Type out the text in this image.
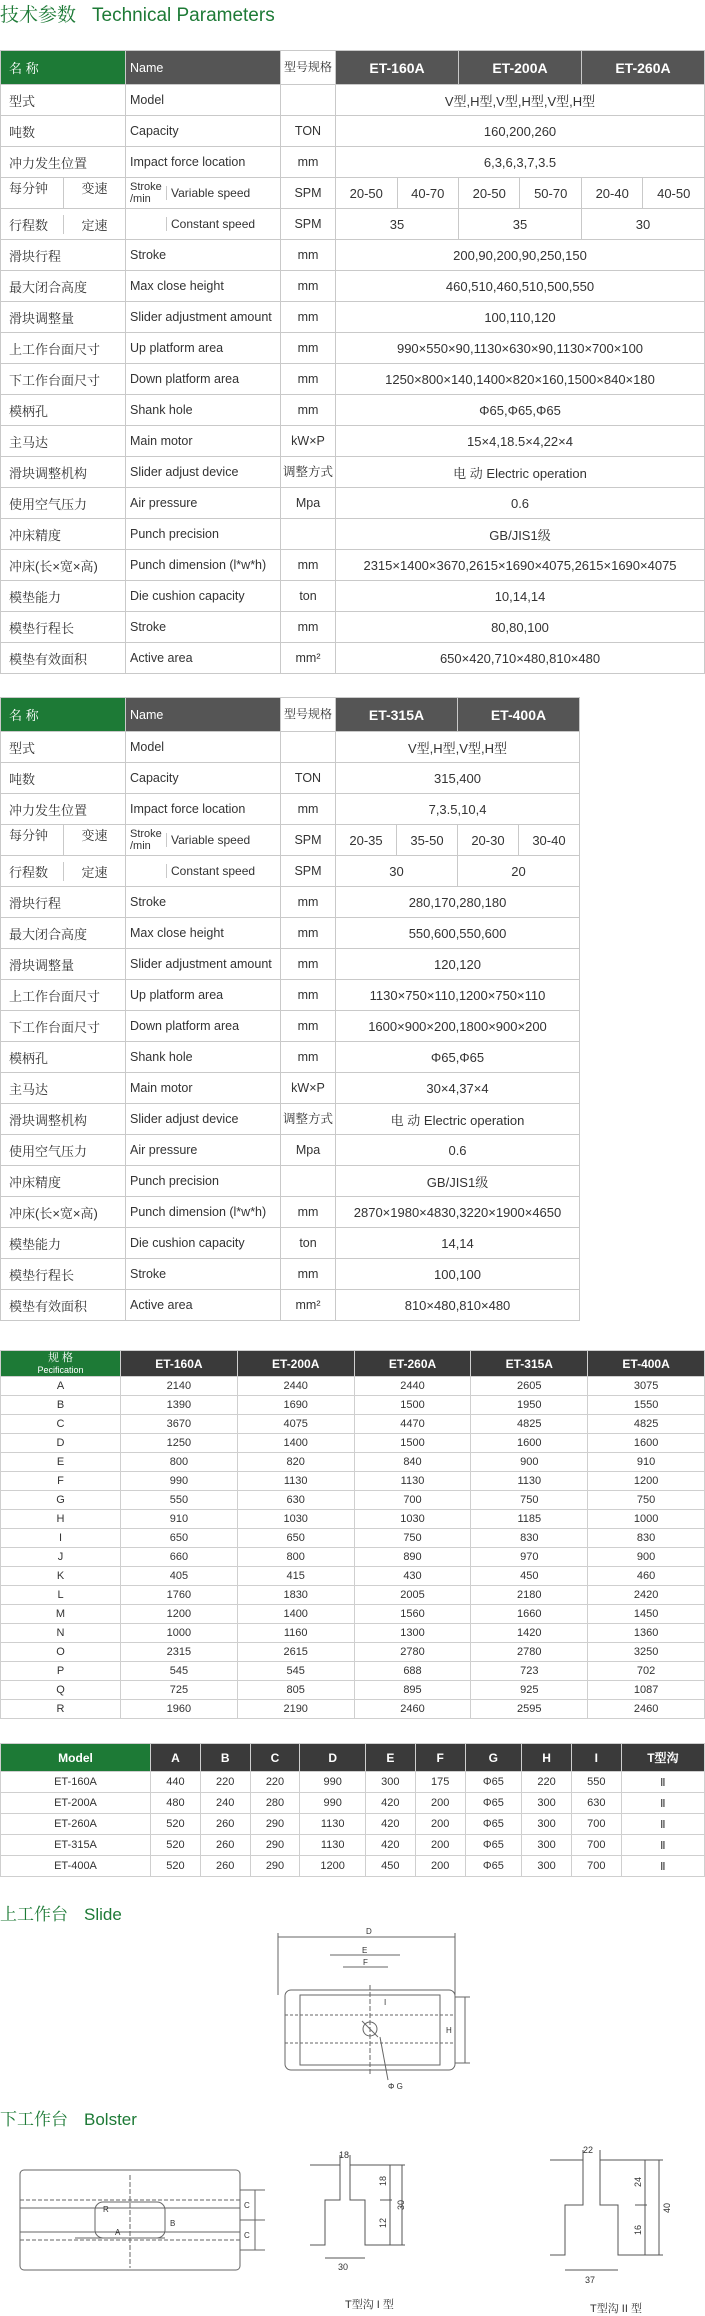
技术参数 Technical Parameters
名 称	Name	型号规格	ET-160A		ET-200A		ET-260A	
型式	Model		V型,H型,V型,H型,V型,H型					
吨数	Capacity	TON	160,200,260					
冲力发生位置	Impact force location	mm	6,3,6,3,7,3.5					

每分钟 变速	Stroke /min Variable speed	SPM	20-50	40-70	20-50	50-70	20-40	40-50

行程数 定速	Constant speed	SPM	35		35		30	
滑块行程	Stroke	mm	200,90,200,90,250,150					
最大闭合高度	Max close height	mm	460,510,460,510,500,550					
滑块调整量	Slider adjustment amount	mm	100,110,120					
上工作台面尺寸	Up platform area	mm	990×550×90,1130×630×90,1130×700×100					
下工作台面尺寸	Down platform area	mm	1250×800×140,1400×820×160,1500×840×180					
模柄孔	Shank hole	mm	Φ65,Φ65,Φ65					
主马达	Main motor	kW×P	15×4,18.5×4,22×4					
滑块调整机构	Slider adjust device	调整方式	电 动 Electric operation					
使用空气压力	Air pressure	Mpa	0.6					
冲床精度	Punch precision		GB/JIS1级					
冲床(长×宽×高)	Punch dimension (l*w*h)	mm	2315×1400×3670,2615×1690×4075,2615×1690×4075					
模垫能力	Die cushion capacity	ton	10,14,14					
模垫行程长	Stroke	mm	80,80,100					
模垫有效面积	Active area	mm²	650×420,710×480,810×480					
名 称	Name	型号规格	ET-315A		ET-400A	
型式	Model		V型,H型,V型,H型			
吨数	Capacity	TON	315,400			
冲力发生位置	Impact force location	mm	7,3.5,10,4			

每分钟 变速	Stroke /min Variable speed	SPM	20-35	35-50	20-30	30-40

行程数 定速	Constant speed	SPM	30		20	
滑块行程	Stroke	mm	280,170,280,180			
最大闭合高度	Max close height	mm	550,600,550,600			
滑块调整量	Slider adjustment amount	mm	120,120			
上工作台面尺寸	Up platform area	mm	1130×750×110,1200×750×110			
下工作台面尺寸	Down platform area	mm	1600×900×200,1800×900×200			
模柄孔	Shank hole	mm	Φ65,Φ65			
主马达	Main motor	kW×P	30×4,37×4			
滑块调整机构	Slider adjust device	调整方式	电 动 Electric operation			
使用空气压力	Air pressure	Mpa	0.6			
冲床精度	Punch precision		GB/JIS1级			
冲床(长×宽×高)	Punch dimension (l*w*h)	mm	2870×1980×4830,3220×1900×4650			
模垫能力	Die cushion capacity	ton	14,14			
模垫行程长	Stroke	mm	100,100			
模垫有效面积	Active area	mm²	810×480,810×480			
规 格
Pecification	ET-160A	ET-200A	ET-260A	ET-315A	ET-400A
A	2140	2440	2440	2605	3075
B	1390	1690	1500	1950	1550
C	3670	4075	4470	4825	4825
D	1250	1400	1500	1600	1600
E	800	820	840	900	910
F	990	1130	1130	1130	1200
G	550	630	700	750	750
H	910	1030	1030	1185	1000
I	650	650	750	830	830
J	660	800	890	970	900
K	405	415	430	450	460
L	1760	1830	2005	2180	2420
M	1200	1400	1560	1660	1450
N	1000	1160	1300	1420	1360
O	2315	2615	2780	2780	3250
P	545	545	688	723	702
Q	725	805	895	925	1087
R	1960	2190	2460	2595	2460
Model	A	B	C	D	E	F	G	H	I	T型沟
ET-160A	440	220	220	990	300	175	Φ65	220	550	Ⅱ
ET-200A	480	240	280	990	420	200	Φ65	300	630	Ⅱ
ET-260A	520	260	290	1130	420	200	Φ65	300	700	Ⅱ
ET-315A	520	260	290	1130	420	200	Φ65	300	700	Ⅱ
ET-400A	520	260	290	1200	450	200	Φ65	300	700	Ⅱ
上工作台 Slide
D
E
F
I
H
Φ G
下工作台 Bolster
R
A
B
C
C
18
18
30
12
30
T型沟 I 型
22
24
40
16
37
T型沟 II 型
